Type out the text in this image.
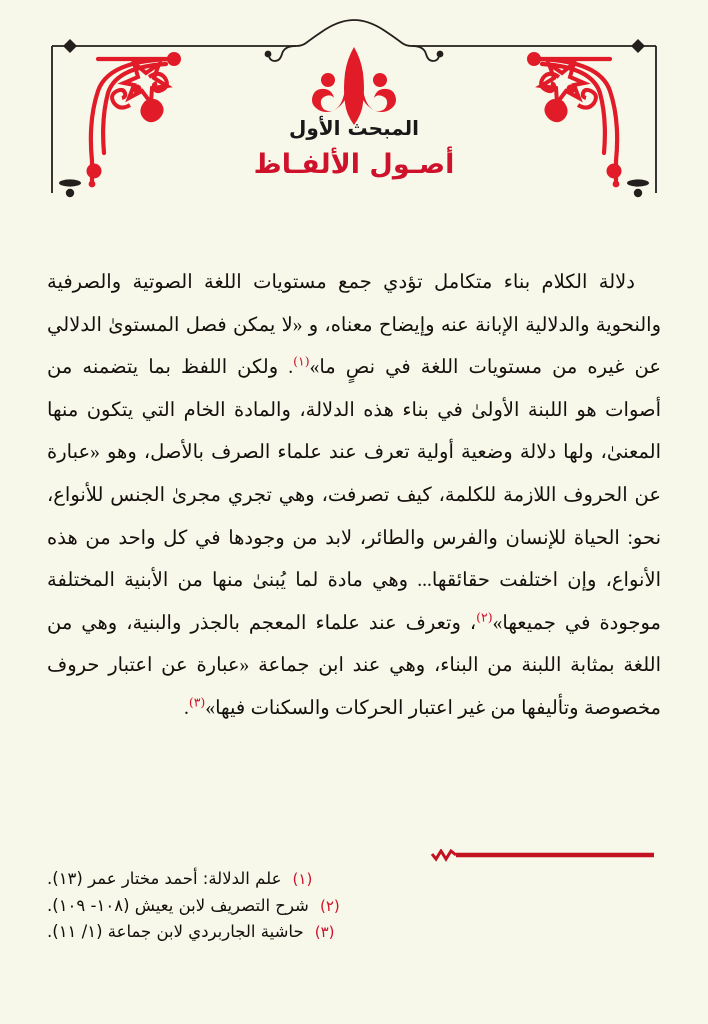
المبحث الأول
أصـول الألفـاظ

دلالة الكلام بناء متكامل تؤدي جمع مستويات اللغة الصوتية والصرفية والنحوية والدلالية الإبانة عنه وإيضاح معناه، و «لا يمكن فصل المستوىٰ الدلالي عن غيره من مستويات اللغة في نصٍ ما»$^{(١)}$. ولكن اللفظ بما يتضمنه من أصوات هو اللبنة الأولىٰ في بناء هذه الدلالة، والمادة الخام التي يتكون منها المعنىٰ، ولها دلالة وضعية أولية تعرف عند علماء الصرف بالأصل، وهو «عبارة عن الحروف اللازمة للكلمة، كيف تصرفت، وهي تجري مجرىٰ الجنس للأنواع، نحو: الحياة للإنسان والفرس والطائر، لابد من وجودها في كل واحد من هذه الأنواع، وإن اختلفت حقائقها... وهي مادة لما يُبنىٰ منها من الأبنية المختلفة موجودة في جميعها»$^{(٢)}$، وتعرف عند علماء المعجم بالجذر والبنية، وهي من اللغة بمثابة اللبنة من البناء، وهي عند ابن جماعة «عبارة عن اعتبار حروف مخصوصة وتأليفها من غير اعتبار الحركات والسكنات فيها»$^{(٣)}$.

(١)
علم الدلالة: أحمد مختار عمر (١٣).
(٢)
شرح التصريف لابن يعيش (١٠٨- ١٠٩).
(٣)
حاشية الجاربردي لابن جماعة (١/ ١١).
